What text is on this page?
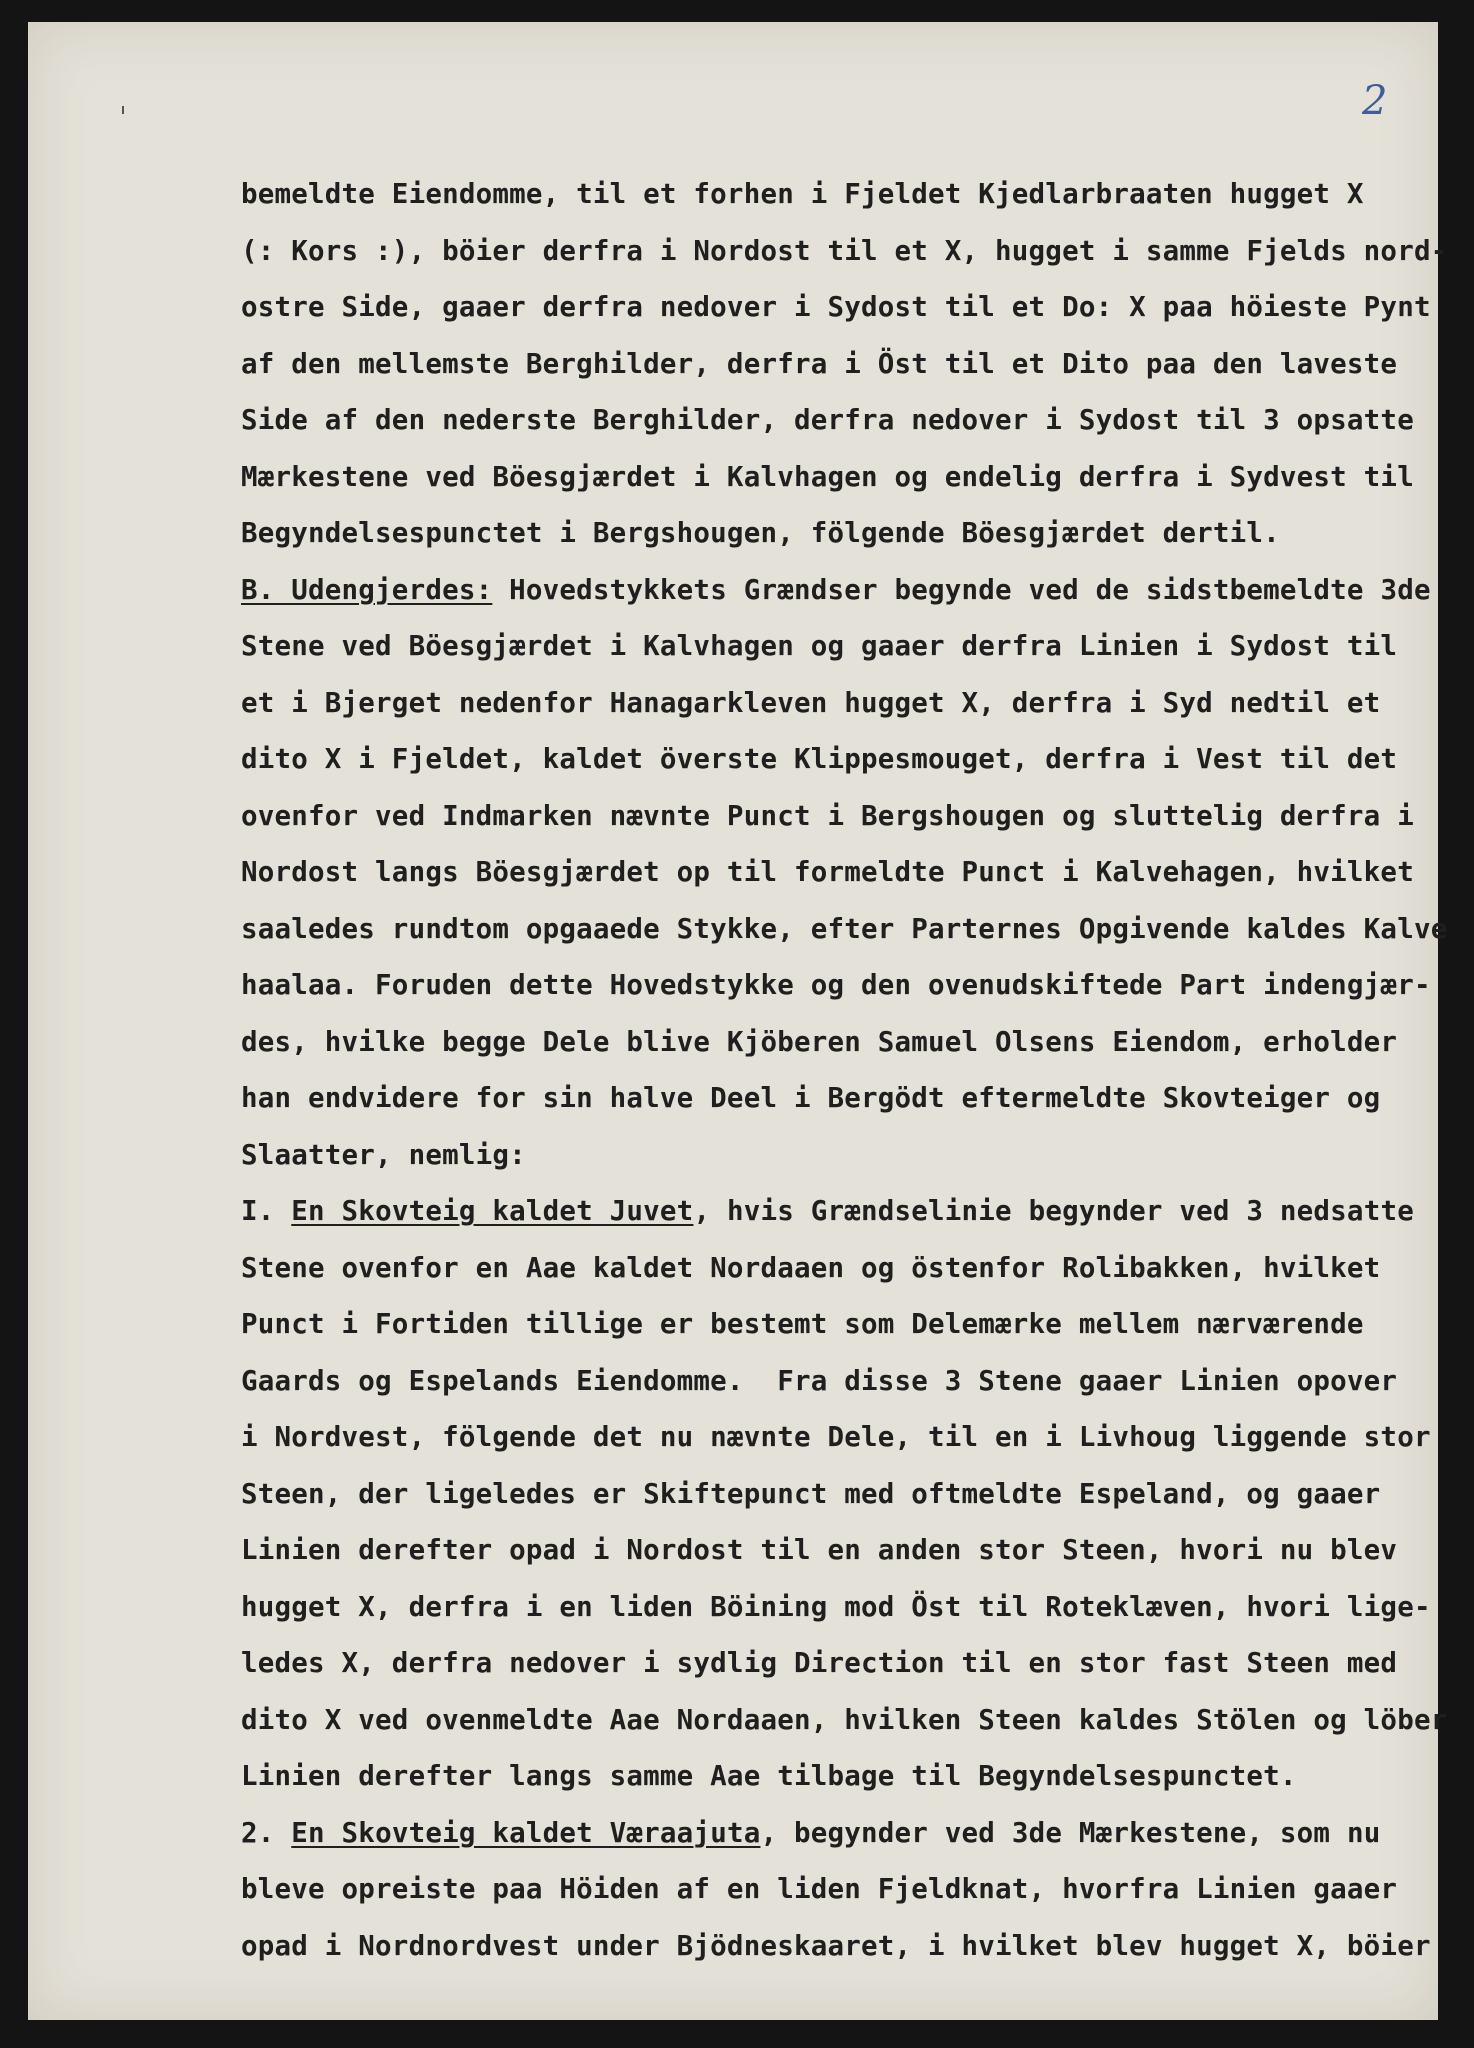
2
bemeldte Eiendomme, til et forhen i Fjeldet Kjedlarbraaten hugget X
(: Kors :), böier derfra i Nordost til et X, hugget i samme Fjelds nord-
ostre Side, gaaer derfra nedover i Sydost til et Do: X paa höieste Pynt
af den mellemste Berghilder, derfra i Öst til et Dito paa den laveste
Side af den nederste Berghilder, derfra nedover i Sydost til 3 opsatte
Mærkestene ved Böesgjærdet i Kalvhagen og endelig derfra i Sydvest til
Begyndelsespunctet i Bergshougen, fölgende Böesgjærdet dertil.
B. Udengjerdes: Hovedstykkets Grændser begynde ved de sidstbemeldte 3de
Stene ved Böesgjærdet i Kalvhagen og gaaer derfra Linien i Sydost til
et i Bjerget nedenfor Hanagarkleven hugget X, derfra i Syd nedtil et
dito X i Fjeldet, kaldet överste Klippesmouget, derfra i Vest til det
ovenfor ved Indmarken nævnte Punct i Bergshougen og sluttelig derfra i
Nordost langs Böesgjærdet op til formeldte Punct i Kalvehagen, hvilket
saaledes rundtom opgaaede Stykke, efter Parternes Opgivende kaldes Kalve
haalaa. Foruden dette Hovedstykke og den ovenudskiftede Part indengjær-
des, hvilke begge Dele blive Kjöberen Samuel Olsens Eiendom, erholder
han endvidere for sin halve Deel i Bergödt eftermeldte Skovteiger og
Slaatter, nemlig:
I. En Skovteig kaldet Juvet, hvis Grændselinie begynder ved 3 nedsatte
Stene ovenfor en Aae kaldet Nordaaen og östenfor Rolibakken, hvilket
Punct i Fortiden tillige er bestemt som Delemærke mellem nærværende
Gaards og Espelands Eiendomme.  Fra disse 3 Stene gaaer Linien opover
i Nordvest, fölgende det nu nævnte Dele, til en i Livhoug liggende stor
Steen, der ligeledes er Skiftepunct med oftmeldte Espeland, og gaaer
Linien derefter opad i Nordost til en anden stor Steen, hvori nu blev
hugget X, derfra i en liden Böining mod Öst til Roteklæven, hvori lige-
ledes X, derfra nedover i sydlig Direction til en stor fast Steen med
dito X ved ovenmeldte Aae Nordaaen, hvilken Steen kaldes Stölen og löber
Linien derefter langs samme Aae tilbage til Begyndelsespunctet.
2. En Skovteig kaldet Væraajuta, begynder ved 3de Mærkestene, som nu
bleve opreiste paa Höiden af en liden Fjeldknat, hvorfra Linien gaaer
opad i Nordnordvest under Bjödneskaaret, i hvilket blev hugget X, böier
